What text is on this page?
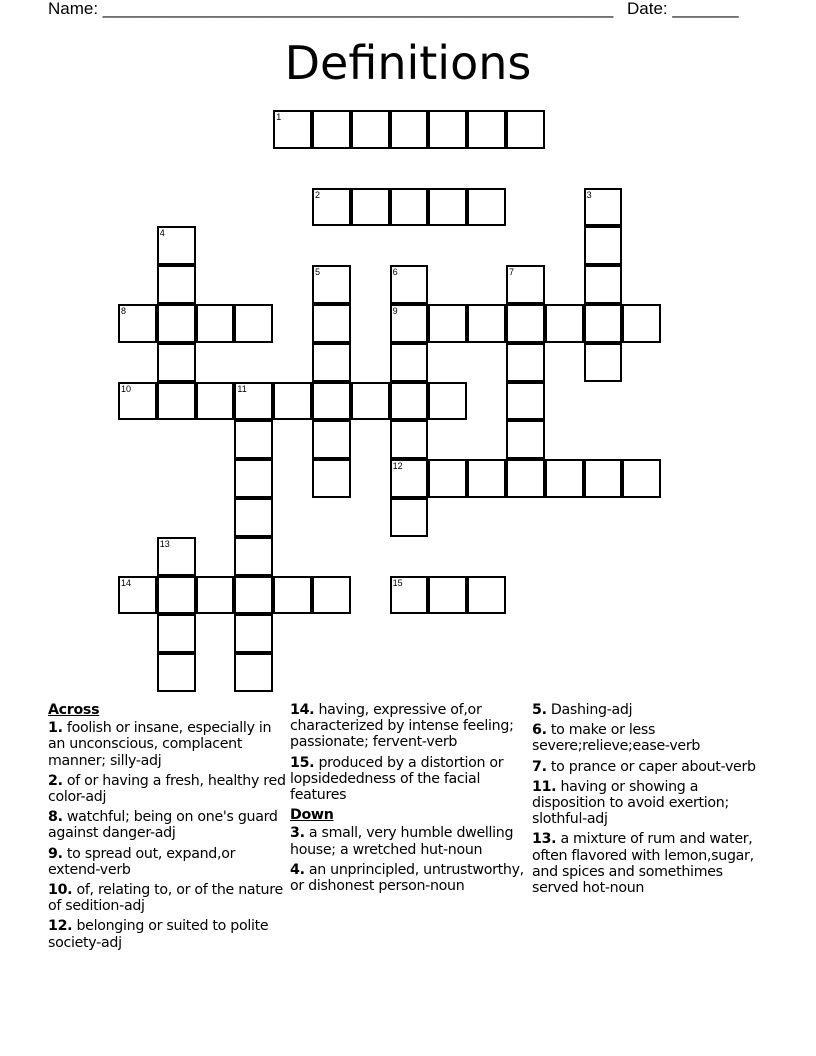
Name: ______________________________________________________ Date: _______
Definitions
1
2	3
4
5	6
9
12
7
8
10	11
13
14	15
Across
1. foolish or insane, especially in an unconscious, complacent manner; silly-adj
2. of or having a fresh, healthy red color-adj
8. watchful; being on one's guard against danger-adj
9. to spread out, expand,or extend-verb
10. of, relating to, or of the nature of sedition-adj
12. belonging or suited to polite society-adj
14. having, expressive of,or characterized by intense feeling; passionate; fervent-verb
15. produced by a distortion or lopsidededness of the facial features
Down
3. a small, very humble dwelling house; a wretched hut-noun
4. an unprincipled, untrustworthy, or dishonest person-noun
5. Dashing-adj
6. to make or less severe;relieve;ease-verb
7. to prance or caper about-verb
11. having or showing a disposition to avoid exertion; slothful-adj
13. a mixture of rum and water, often flavored with lemon,sugar, and spices and somethimes served hot-noun
